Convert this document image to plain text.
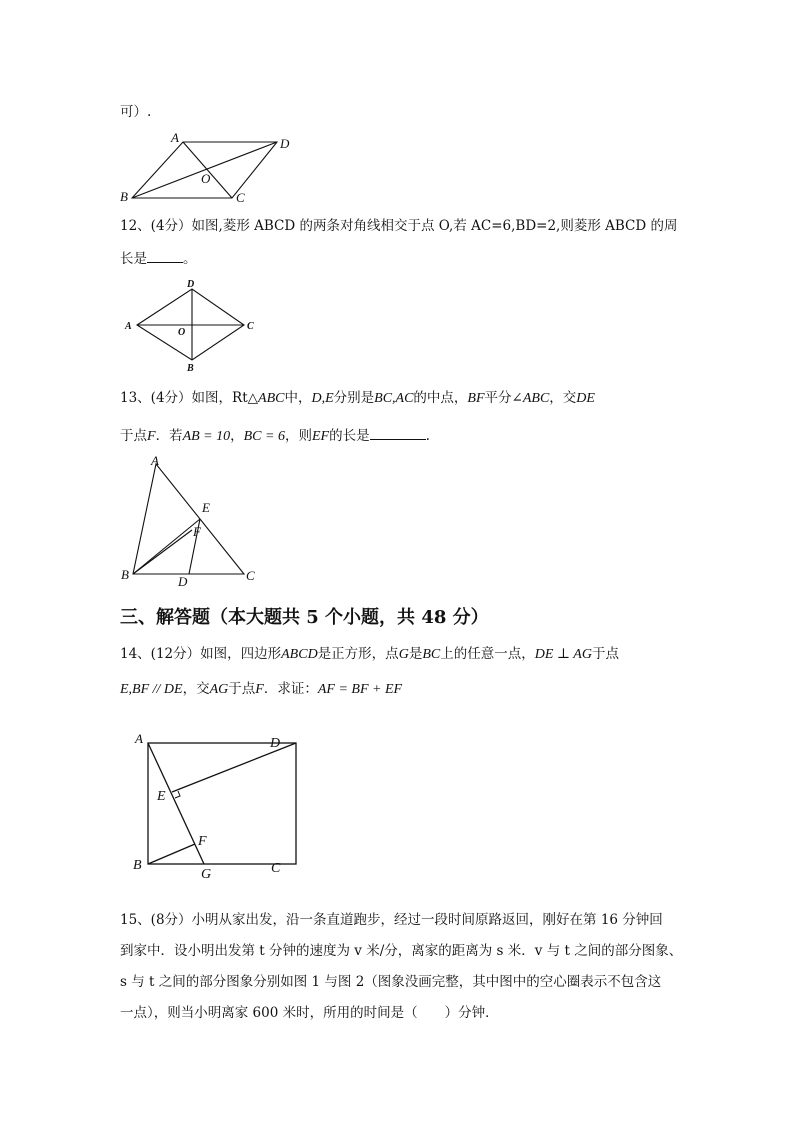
可）.
A	D
B	C
O
12、(4分）如图,菱形 ABCD 的两条对角线相交于点 O,若 AC=6,BD=2,则菱形 ABCD 的周
长是	。
D
A	C
B
O
13、(4分）如图，Rt△ABC中，D,E分别是BC,AC的中点，BF平分∠ABC，交DE
于点F．若AB = 10，BC = 6，则EF的长是	.
A
E
F
B	D	C
三、解答题（本大题共 5 个小题，共 48 分）
14、(12分）如图，四边形ABCD是正方形，点G是BC上的任意一点，DE ⊥ AG于点
E,BF // DE，交AG于点F．求证：AF = BF + EF
A	D
E
F
B
G	C
15、(8分）小明从家出发，沿一条直道跑步，经过一段时间原路返回，刚好在第 16 分钟回
到家中．设小明出发第 t 分钟的速度为 v 米/分，离家的距离为 s 米．v 与 t 之间的部分图象、
s 与 t 之间的部分图象分别如图 1 与图 2（图象没画完整，其中图中的空心圈表示不包含这
一点），则当小明离家 600 米时，所用的时间是（　　）分钟．
